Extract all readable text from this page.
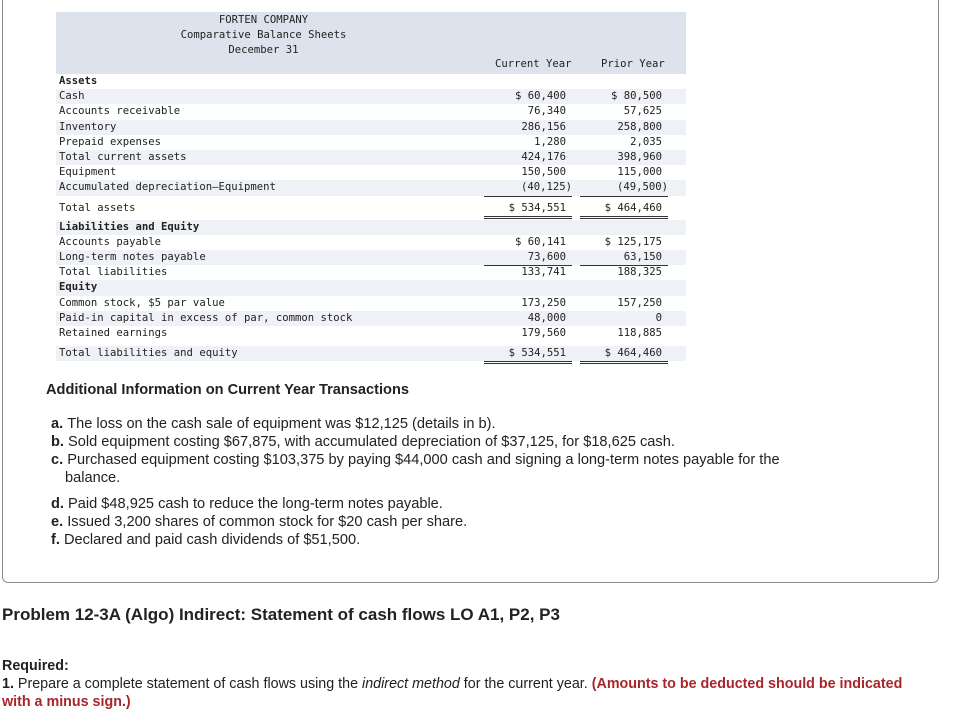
FORTEN COMPANY
Comparative Balance Sheets
December 31
Current Year	Prior Year
Assets
Cash	$ 60,400	$ 80,500
Accounts receivable	76,340	57,625
Inventory	286,156	258,800
Prepaid expenses	1,280	2,035
Total current assets	424,176	398,960
Equipment	150,500	115,000
Accumulated depreciation—Equipment	(40,125)	(49,500)
Total assets	$ 534,551	$ 464,460
Liabilities and Equity
Accounts payable	$ 60,141	$ 125,175
Long-term notes payable	73,600	63,150
Total liabilities	133,741	188,325
Equity
Common stock, $5 par value	173,250	157,250
Paid-in capital in excess of par, common stock	48,000	0
Retained earnings	179,560	118,885
Total liabilities and equity	$ 534,551	$ 464,460
Additional Information on Current Year Transactions
a. The loss on the cash sale of equipment was $12,125 (details in b).
b. Sold equipment costing $67,875, with accumulated depreciation of $37,125, for $18,625 cash.
c. Purchased equipment costing $103,375 by paying $44,000 cash and signing a long-term notes payable for the
balance.
d. Paid $48,925 cash to reduce the long-term notes payable.
e. Issued 3,200 shares of common stock for $20 cash per share.
f. Declared and paid cash dividends of $51,500.
Problem 12-3A (Algo) Indirect: Statement of cash flows LO A1, P2, P3
Required:
1. Prepare a complete statement of cash flows using the indirect method for the current year. (Amounts to be deducted should be indicated with a minus sign.)
